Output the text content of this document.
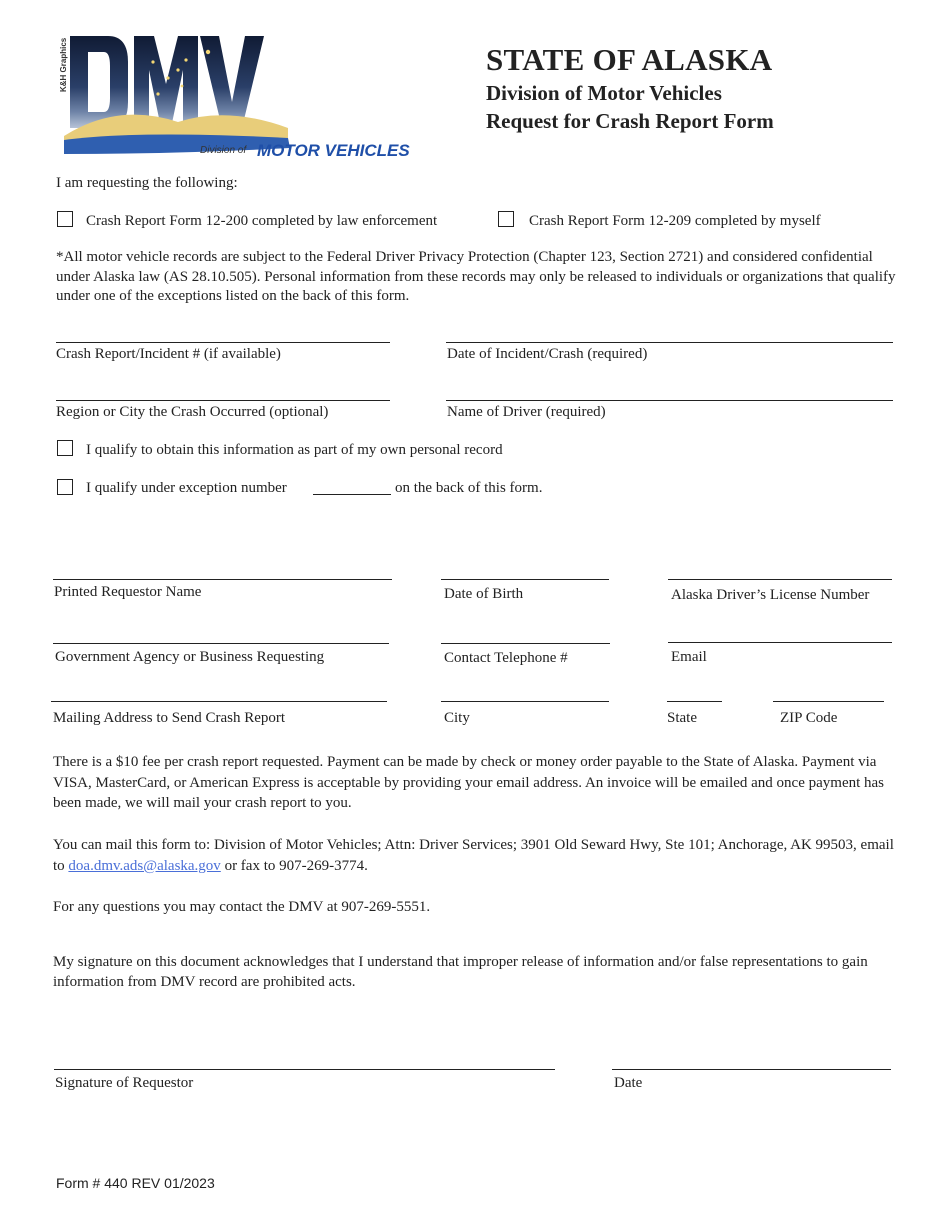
K&H Graphics
Division of MOTOR VEHICLES
STATE OF ALASKA
Division of Motor Vehicles
Request for Crash Report Form
I am requesting the following:
Crash Report Form 12-200 completed by law enforcement	Crash Report Form 12-209 completed by myself
*All motor vehicle records are subject to the Federal Driver Privacy Protection (Chapter 123, Section 2721) and considered confidential under Alaska law (AS 28.10.505). Personal information from these records may only be released to individuals or organizations that qualify under one of the exceptions listed on the back of this form.
Crash Report/Incident # (if available)	Date of Incident/Crash (required)
Region or City the Crash Occurred (optional)	Name of Driver (required)
I qualify to obtain this information as part of my own personal record
I qualify under exception number	on the back of this form.
Printed Requestor Name	Date of Birth	Alaska Driver’s License Number
Government Agency or Business Requesting	Contact Telephone #	Email
Mailing Address to Send Crash Report	City	State	ZIP Code
There is a $10 fee per crash report requested. Payment can be made by check or money order payable to the State of Alaska. Payment via VISA, MasterCard, or American Express is acceptable by providing your email address. An invoice will be emailed and once payment has been made, we will mail your crash report to you.
You can mail this form to: Division of Motor Vehicles; Attn: Driver Services; 3901 Old Seward Hwy, Ste 101; Anchorage, AK 99503, email to doa.dmv.ads@alaska.gov or fax to 907-269-3774.
For any questions you may contact the DMV at 907-269-5551.
My signature on this document acknowledges that I understand that improper release of information and/or false representations to gain information from DMV record are prohibited acts.
Signature of Requestor	Date
Form # 440 REV 01/2023
